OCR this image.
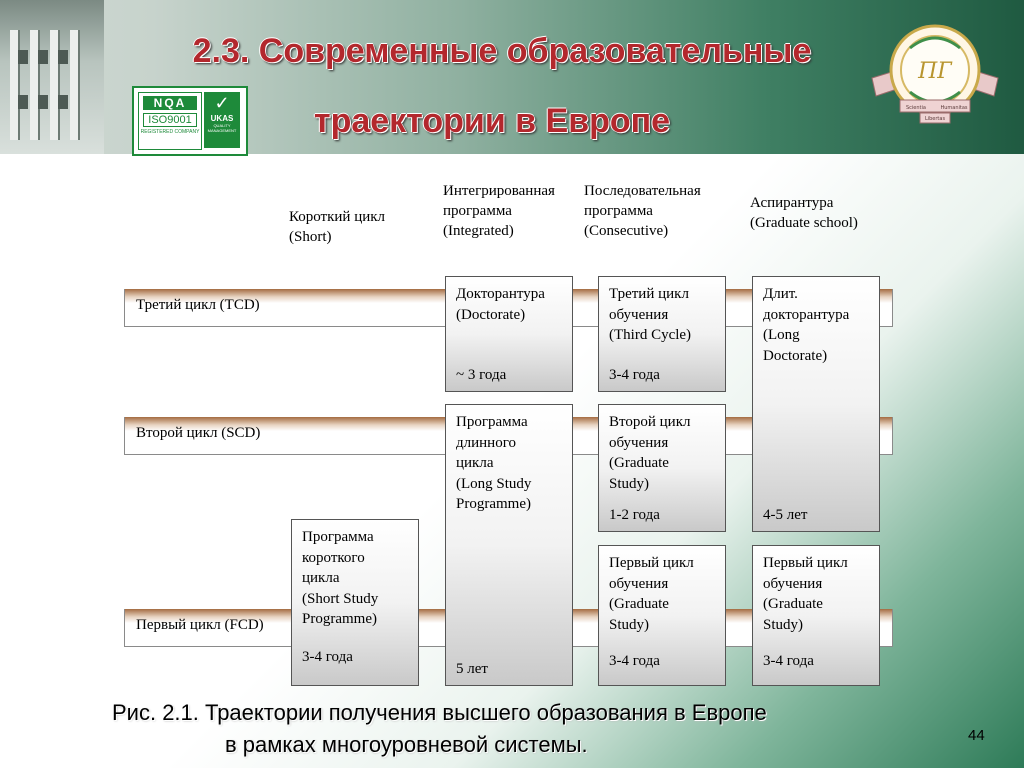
NQA
ISO9001
REGISTERED COMPANY
✓
UKAS
QUALITY MANAGEMENT
2.3. Современные образовательные
траектории в Европе
ПГ
Scientia	Humanitas
Libertas
Короткий цикл
(Short)
Интегрированная
программа
(Integrated)
Последовательная
программа
(Consecutive)
Аспирантура
(Graduate school)
Третий цикл (TCD)
Второй цикл (SCD)
Первый цикл (FCD)
Программа
короткого
цикла
(Short Study
Programme)
3-4 года
Докторантура
(Doctorate)
~ 3 года
Программа
длинного
цикла
(Long Study
Programme)
5 лет
Третий цикл
обучения
(Third Cycle)
3-4 года
Второй цикл
обучения
(Graduate
Study)
1-2 года
Первый цикл
обучения
(Graduate
Study)
3-4 года
Длит.
докторантура
(Long
Doctorate)
4-5 лет
Первый цикл
обучения
(Graduate
Study)
3-4 года
Рис. 2.1. Траектории получения высшего образования в Европе
в рамках многоуровневой системы.	44
